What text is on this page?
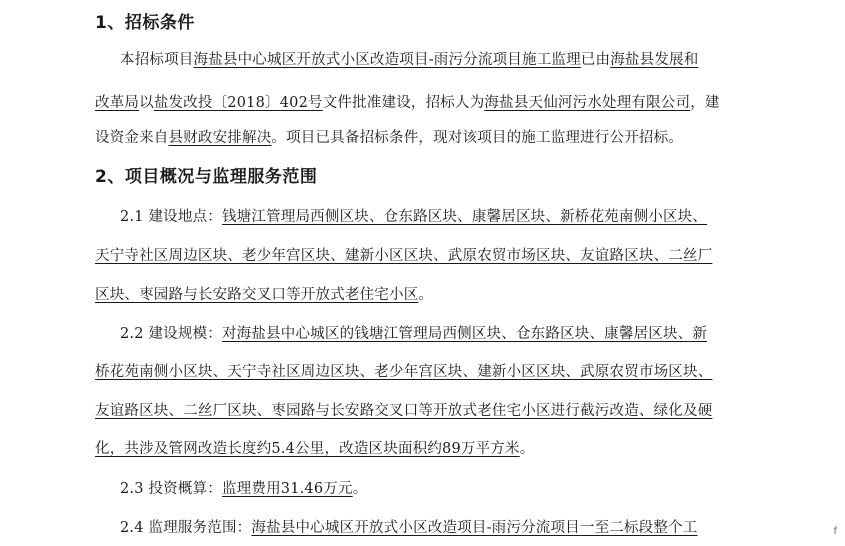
1、招标条件
本招标项目海盐县中心城区开放式小区改造项目-雨污分流项目施工监理已由海盐县发展和
改革局以盐发改投〔2018〕402号文件批准建设，招标人为海盐县天仙河污水处理有限公司，建
设资金来自县财政安排解决。项目已具备招标条件，现对该项目的施工监理进行公开招标。
2、项目概况与监理服务范围
2.1 建设地点：钱塘江管理局西侧区块、仓东路区块、康馨居区块、新桥花苑南侧小区块、
天宁寺社区周边区块、老少年宫区块、建新小区区块、武原农贸市场区块、友谊路区块、二丝厂
区块、枣园路与长安路交叉口等开放式老住宅小区。
2.2 建设规模：对海盐县中心城区的钱塘江管理局西侧区块、仓东路区块、康馨居区块、新
桥花苑南侧小区块、天宁寺社区周边区块、老少年宫区块、建新小区区块、武原农贸市场区块、
友谊路区块、二丝厂区块、枣园路与长安路交叉口等开放式老住宅小区进行截污改造、绿化及硬
化，共涉及管网改造长度约5.4公里，改造区块面积约89万平方米。
2.3 投资概算：监理费用31.46万元。
2.4 监理服务范围：海盐县中心城区开放式小区改造项目-雨污分流项目一至二标段整个工	f
